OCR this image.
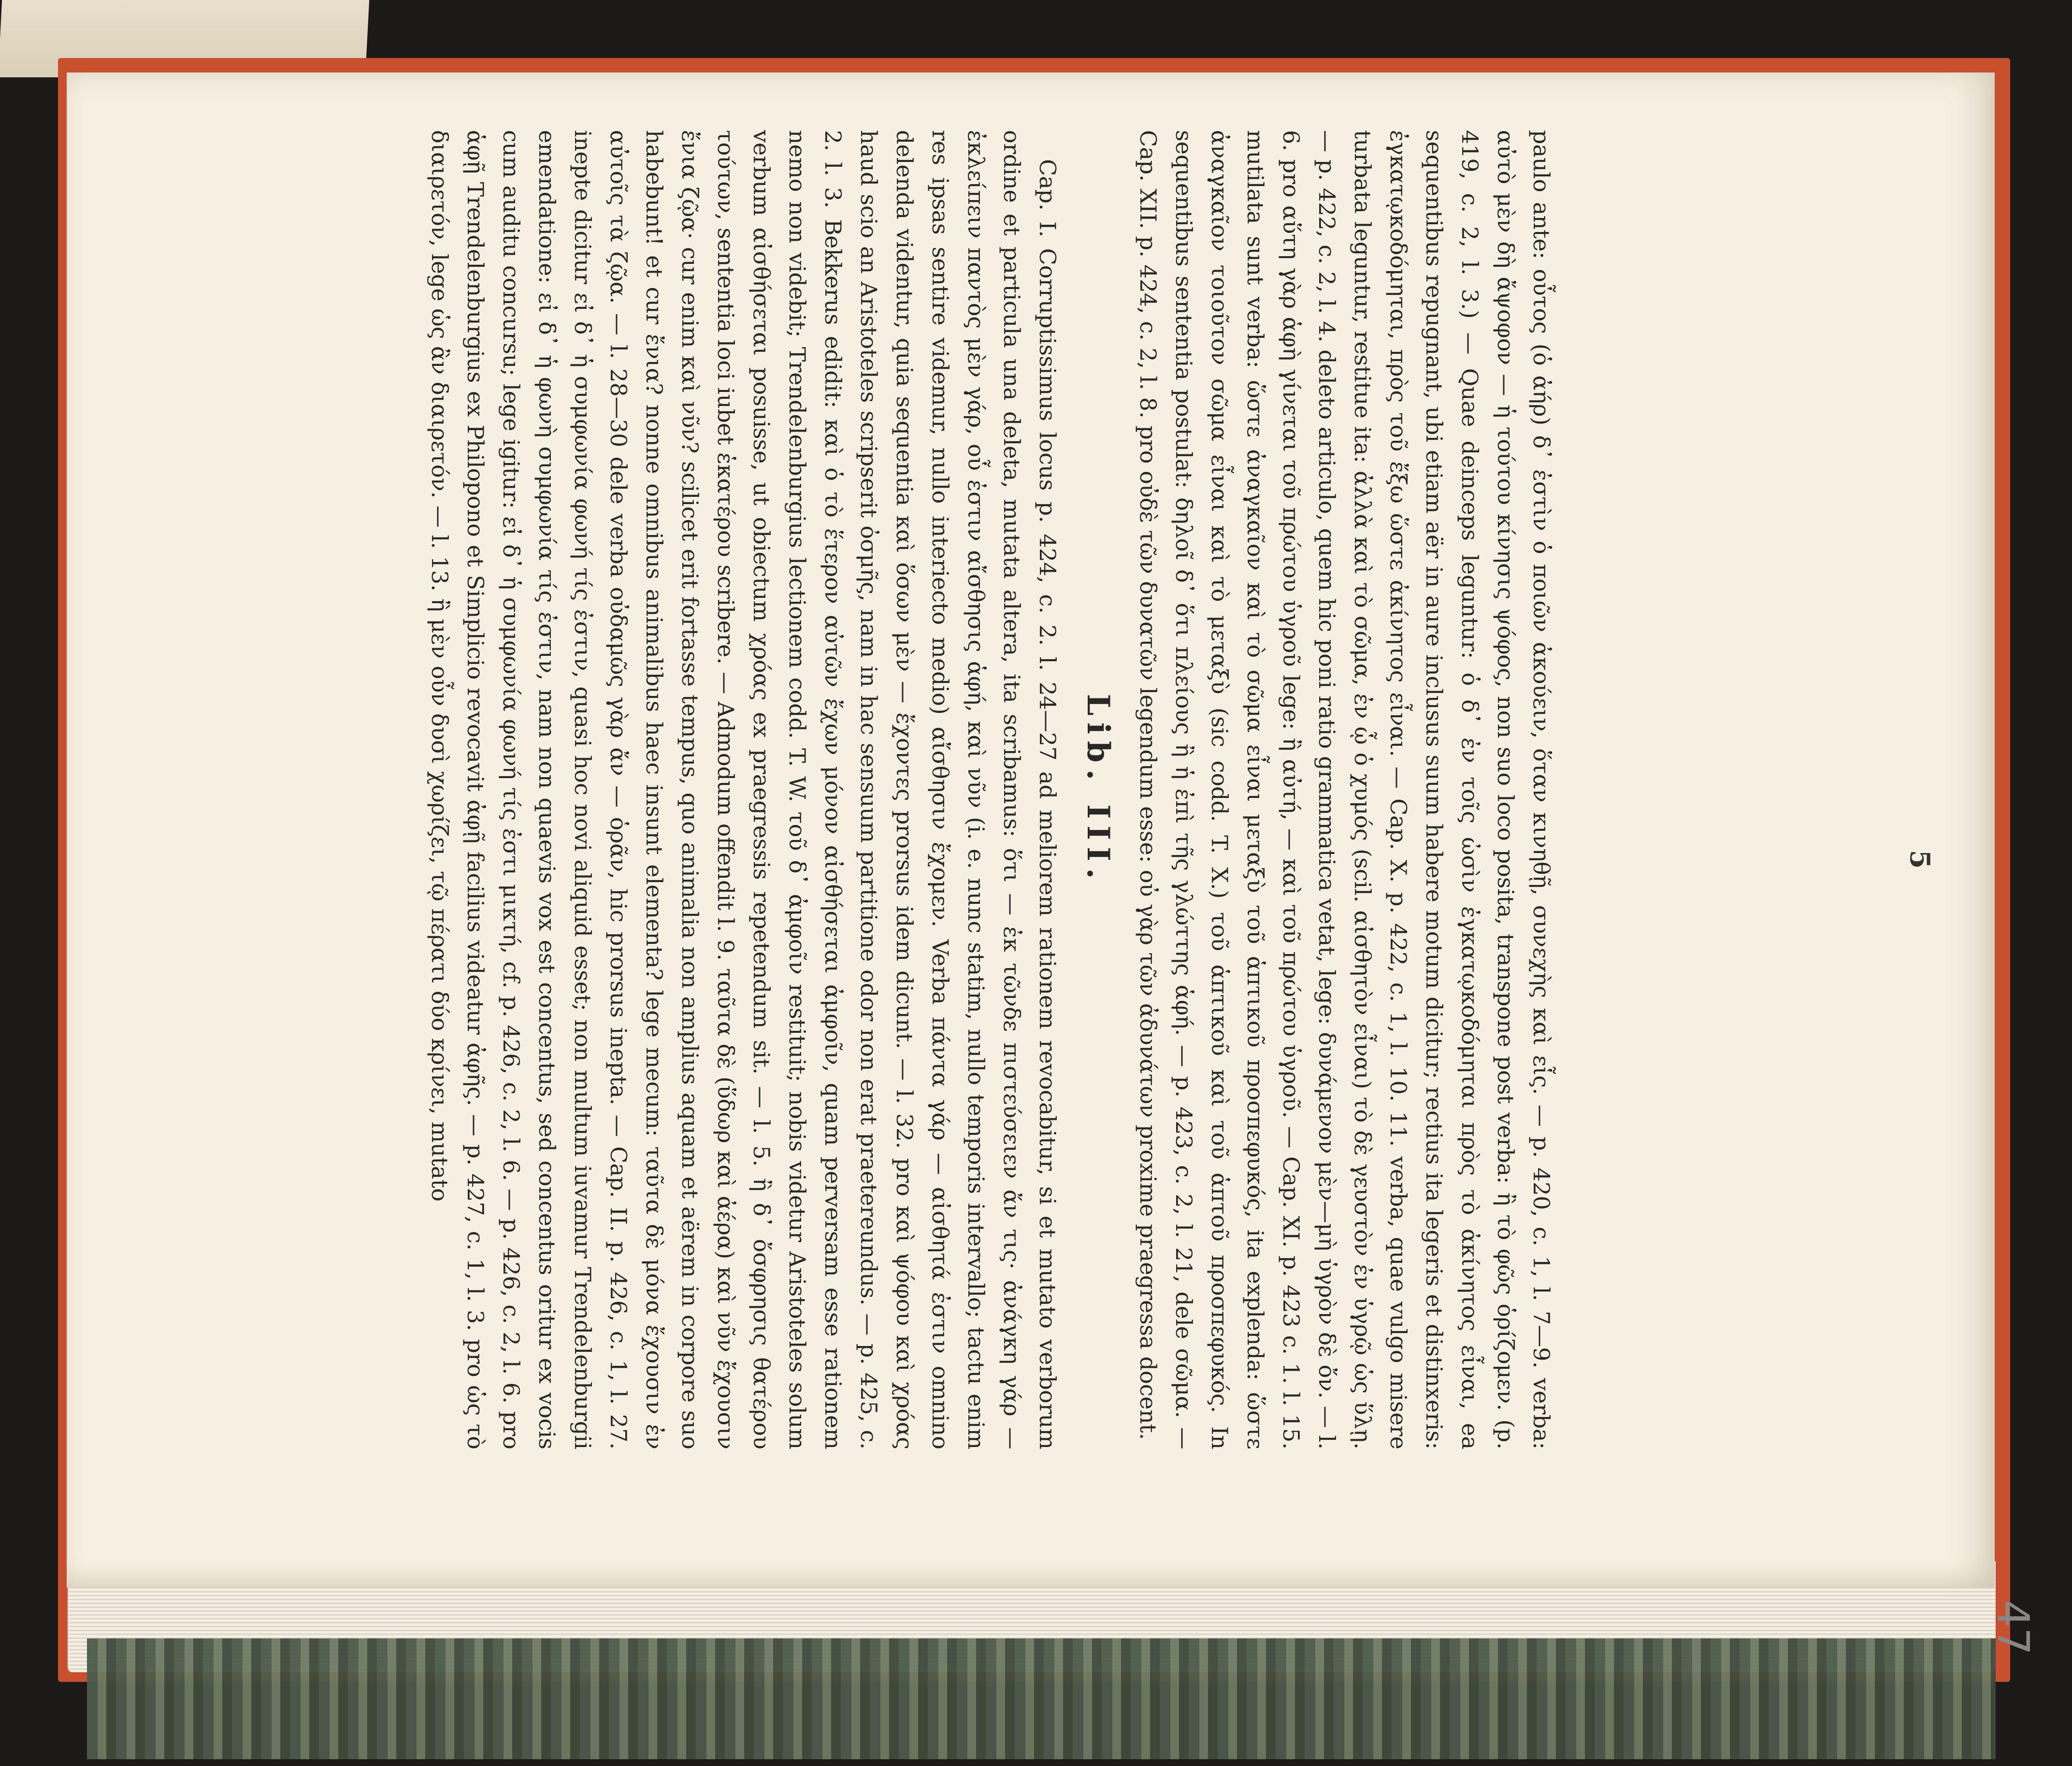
5
47

paulo ante: οὗτος (ὁ ἀήρ) δ᾽ ἐστὶν ὁ ποιῶν ἀκούειν, ὅταν κινηθῇ, συνεχὴς καὶ εἷς. — p. 420, c. 1, l. 7—9. verba: αὐτὸ μὲν δὴ ἄψοφον — ἡ τούτου κίνησις ψόφος, non suo loco posita, transpone post verba: ἢ τὸ φῶς ὁρίζομεν. (p. 419, c. 2, l. 3.) — Quae deinceps leguntur: ὁ δ᾽ ἐν τοῖς ὠσὶν ἐγκατῳκοδόμηται πρὸς τὸ ἀκίνητος εἶναι, ea sequentibus repugnant, ubi etiam aër in aure inclusus suum habere motum dicitur; rectius ita legeris et distinxeris: ἐγκατῳκοδόμηται, πρὸς τοῦ ἔξω ὥστε ἀκίνητος εἶναι. — Cap. X. p. 422, c. 1, l. 10. 11. verba, quae vulgo misere turbata leguntur, restitue ita: ἀλλὰ καὶ τὸ σῶμα, ἐν ᾧ ὁ χυμός (scil. αἰσθητὸν εἶναι) τὸ δὲ γευστὸν ἐν ὑγρῷ ὡς ὕλῃ. — p. 422, c. 2, l. 4. deleto articulo, quem hic poni ratio grammatica vetat, lege: δυνάμενον μὲν—μὴ ὑγρὸν δὲ ὄν. — l. 6. pro αὕτη γὰρ ἁφὴ γίνεται τοῦ πρώτου ὑγροῦ lege: ἢ αὐτή, — καὶ τοῦ πρώτου ὑγροῦ. — Cap. XI. p. 423 c. 1. l. 15. mutilata sunt verba: ὥστε ἀναγκαῖον καὶ τὸ σῶμα εἶναι μεταξὺ τοῦ ἁπτικοῦ προσπεφυκός, ita explenda: ὥστε ἀναγκαῖον τοιοῦτον σῶμα εἶναι καὶ τὸ μεταξὺ (sic codd. T. X.) τοῦ ἁπτικοῦ καὶ τοῦ ἁπτοῦ προσπεφυκός. In sequentibus sententia postulat: δηλοῖ δ᾽ ὅτι πλείους ἢ ἡ ἐπὶ τῆς γλώττης ἁφή. — p. 423, c. 2, l. 21, dele σῶμα. — Cap. XII. p. 424, c. 2, l. 8. pro οὐδὲ τῶν δυνατῶν legendum esse: οὐ γὰρ τῶν ἀδυνάτων proxime praegressa docent.

Lib. III.

Cap. I. Corruptissimus locus p. 424, c. 2. l. 24—27 ad meliorem rationem revocabitur, si et mutato verborum ordine et particula una deleta, mutata altera, ita scribamus: ὅτι — ἐκ τῶνδε πιστεύσειεν ἄν τις· ἀνάγκη γάρ — ἐκλείπειν παντὸς μὲν γάρ, οὗ ἐστιν αἴσθησις ἁφή, καὶ νῦν (i. e. nunc statim, nullo temporis intervallo; tactu enim res ipsas sentire videmur, nullo interiecto medio) αἴσθησιν ἔχομεν. Verba πάντα γάρ — αἰσθητά ἐστιν omnino delenda videntur, quia sequentia καὶ ὅσων μὲν — ἔχοντες prorsus idem dicunt. — l. 32. pro καὶ ψόφου καὶ χρόας haud scio an Aristoteles scripserit ὀσμῆς, nam in hac sensuum partitione odor non erat praetereundus. — p. 425, c. 2. l. 3. Bekkerus edidit: καὶ ὁ τὸ ἕτερον αὐτῶν ἔχων μόνον αἰσθήσεται ἀμφοῖν, quam perversam esse rationem nemo non videbit; Trendelenburgius lectionem codd. T. W. τοῦ δ᾽ ἀμφοῖν restituit; nobis videtur Aristoteles solum verbum αἰσθήσεται posuisse, ut obiectum χρόας ex praegressis repetendum sit. — l. 5. ἢ δ᾽ ὄσφρησις θατέρου τούτων, sententia loci iubet ἑκατέρου scribere. — Admodum offendit l. 9. ταῦτα δὲ (ὕδωρ καὶ ἀέρα) καὶ νῦν ἔχουσιν ἔνια ζῷα· cur enim καὶ νῦν? scilicet erit fortasse tempus, quo animalia non amplius aquam et aërem in corpore suo habebunt! et cur ἔνια? nonne omnibus animalibus haec insunt elementa? lege mecum: ταῦτα δὲ μόνα ἔχουσιν ἐν αὐτοῖς τὰ ζῷα. — l. 28—30 dele verba οὐδαμῶς γὰρ ἄν — ὁρᾶν, hic prorsus inepta. — Cap. II. p. 426, c. 1, l. 27. inepte dicitur εἰ δ᾽ ἡ συμφωνία φωνή τίς ἐστιν, quasi hoc novi aliquid esset; non multum iuvamur Trendelenburgii emendatione: εἰ δ᾽ ἡ φωνὴ συμφωνία τίς ἐστιν, nam non quaevis vox est concentus, sed concentus oritur ex vocis cum auditu concursu; lege igitur: εἰ δ᾽ ἡ συμφωνία φωνή τίς ἐστι μικτή, cf. p. 426, c. 2, l. 6. — p. 426, c. 2, l. 6. pro ἁφῇ Trendelenburgius ex Philopono et Simplicio revocavit ἀφῇ facilius videatur ἀφῆς. — p. 427, c. 1, l. 3. pro ὡς τὸ διαιρετόν, lege ὡς ἂν διαιρετόν. — l. 13. ἢ μὲν οὖν δυσὶ χωρίζει, τῷ πέρατι δύο κρίνει, mutato
